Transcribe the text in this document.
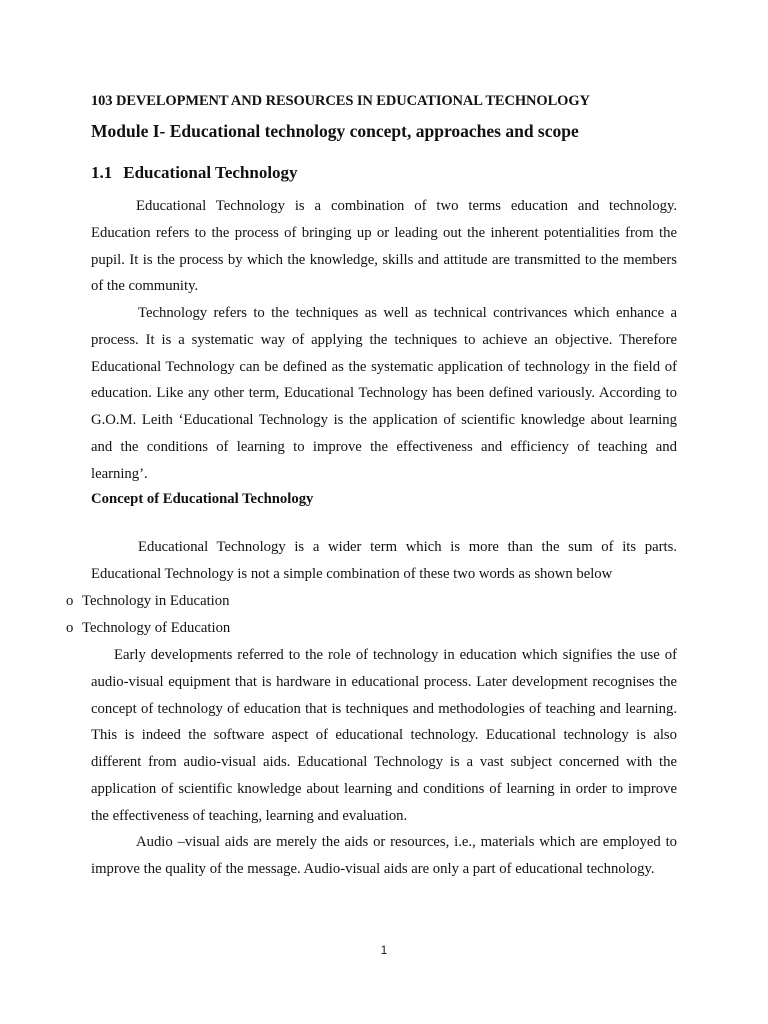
103 DEVELOPMENT AND RESOURCES IN EDUCATIONAL TECHNOLOGY
Module I- Educational technology concept, approaches and scope
1.1 Educational Technology

Educational Technology is a combination of two terms education and technology. Education refers to the process of bringing up or leading out the inherent potentialities from the pupil. It is the process by which the knowledge, skills and attitude are transmitted to the members of the community.

Technology refers to the techniques as well as technical contrivances which enhance a process. It is a systematic way of applying the techniques to achieve an objective. Therefore Educational Technology can be defined as the systematic application of technology in the field of education. Like any other term, Educational Technology has been defined variously. According to G.O.M. Leith ‘Educational Technology is the application of scientific knowledge about learning and the conditions of learning to improve the effectiveness and efficiency of teaching and learning’.

Concept of Educational Technology

Educational Technology is a wider term which is more than the sum of its parts. Educational Technology is not a simple combination of these two words as shown below

o Technology in Education
o Technology of Education

Early developments referred to the role of technology in education which signifies the use of audio-visual equipment that is hardware in educational process. Later development recognises the concept of technology of education that is techniques and methodologies of teaching and learning. This is indeed the software aspect of educational technology. Educational technology is also different from audio-visual aids. Educational Technology is a vast subject concerned with the application of scientific knowledge about learning and conditions of learning in order to improve the effectiveness of teaching, learning and evaluation.

Audio –visual aids are merely the aids or resources, i.e., materials which are employed to improve the quality of the message. Audio-visual aids are only a part of educational technology.

1
